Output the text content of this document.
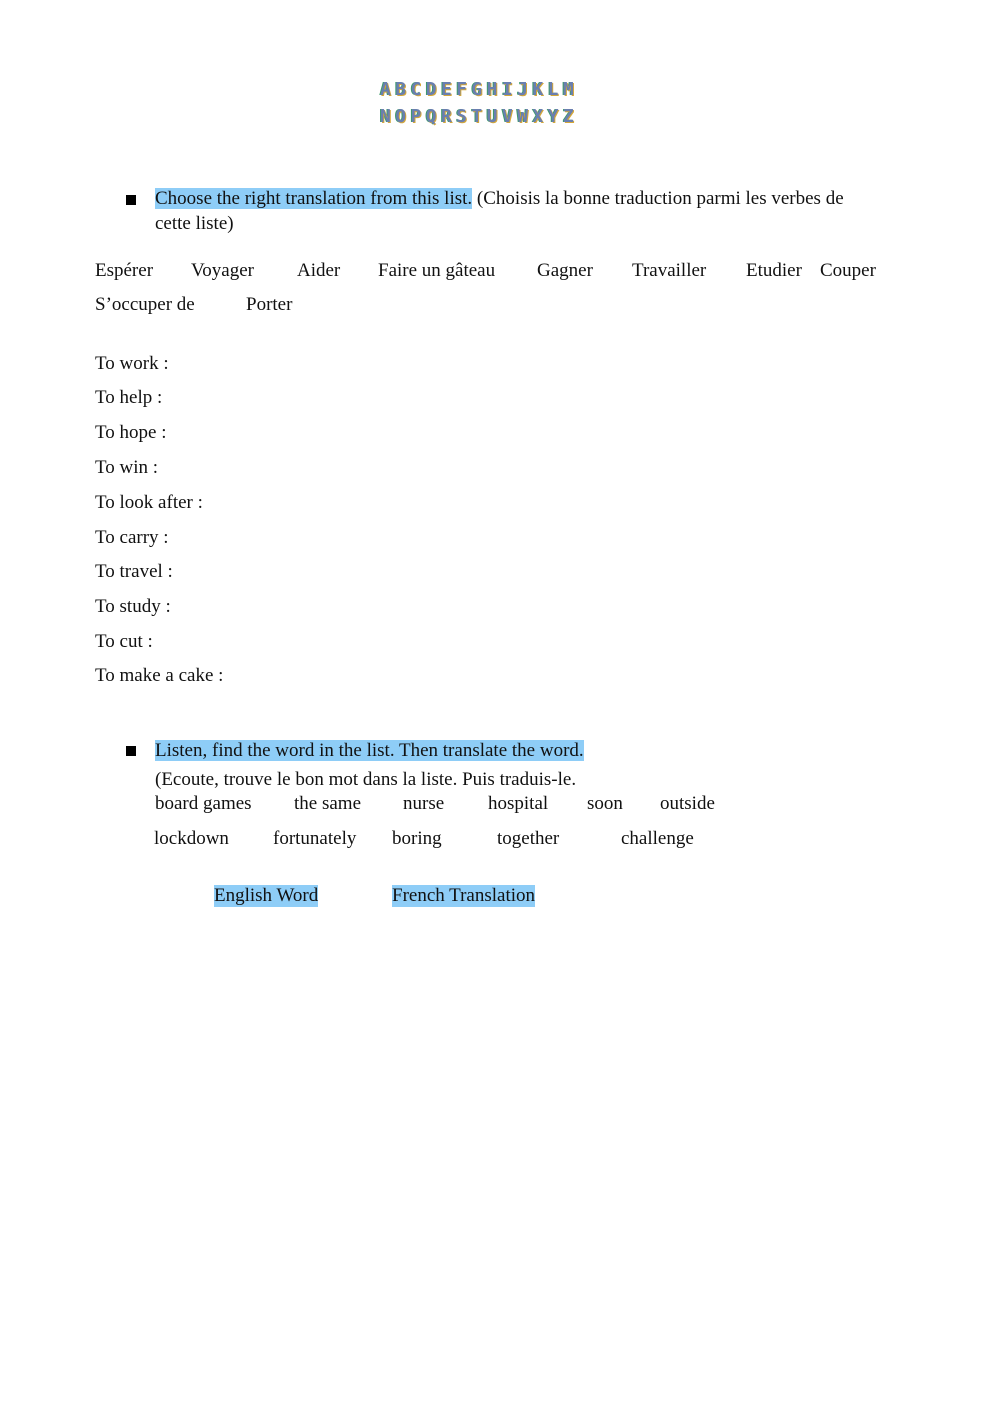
ABCDEFGHIJKLM
NOPQRSTUVWXYZ
Choose the right translation from this list. (Choisis la bonne traduction parmi les verbes de
cette liste)
Espérer Voyager Aider Faire un gâteau Gagner Travailler Etudier Couper
S’occuper de	Porter
To work :
To help :
To hope :
To win :
To look after :
To carry :
To travel :
To study :
To cut :
To make a cake :
Listen, find the word in the list. Then translate the word.
(Ecoute, trouve le bon mot dans la liste. Puis traduis-le.
board games the same nurse hospital soon outside
lockdown fortunately boring	together	challenge
English Word	French Translation
